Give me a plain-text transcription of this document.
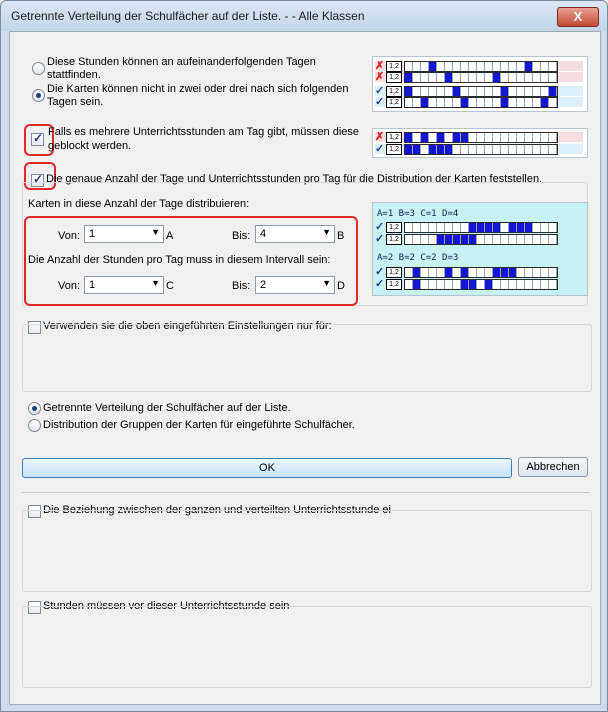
Getrennte Verteilung der Schulfächer auf der Liste. - - Alle Klassen	X
Diese Stunden können an aufeinanderfolgenden Tagen
stattfinden.
Die Karten können nicht in zwei oder drei nach sich folgenden
Tagen sein.
✗ 1,2
✗ 1,2
✓ 1,2
✓ 1,2
✓
Falls es mehrere Unterrichtsstunden am Tag gibt, müssen diese
geblockt werden.
✗ 1,2
✓ 1,2
✓
Die genaue Anzahl der Tage und Unterrichtsstunden pro Tag für die Distribution der Karten feststellen.
Karten in diese Anzahl der Tage distribuieren:
Von: 1	▼ A	Bis: 4	▼ B
Die Anzahl der Stunden pro Tag muss in diesem Intervall sein:
Von: 1	▼ C	Bis: 2	▼ D
A=1 B=3 C=1 D=4
✓ 1,2
✓ 1,2
A=2 B=2 C=2 D=3
✓ 1,2
✓ 1,2
Verwenden sie die oben eingeführten Einstellungen nur für:
Getrennte Verteilung der Schulfächer auf der Liste.
Distribution der Gruppen der Karten für eingeführte Schulfächer.
OK	Abbrechen
Die Beziehung zwischen der ganzen und verteilten Unterrichtsstunde ei
Stunden müssen vor dieser Unterrichtsstunde sein
